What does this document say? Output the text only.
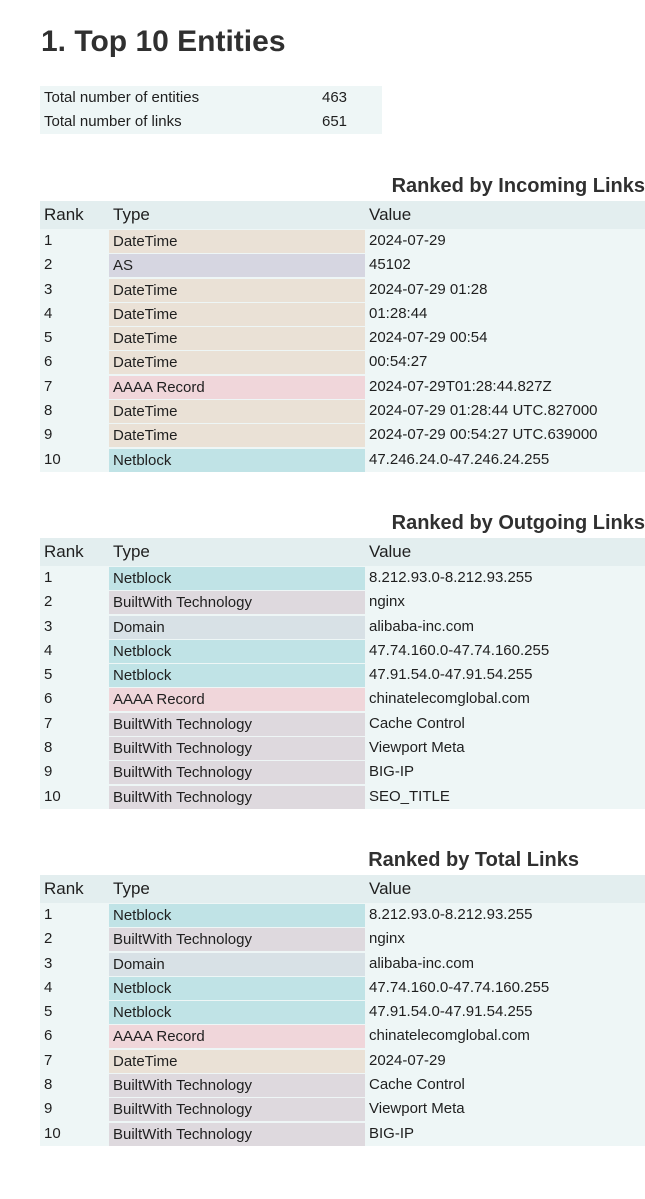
1. Top 10 Entities
Total number of entities	463
Total number of links	651
Ranked by Incoming Links
Rank	Type	Value
1	DateTime	2024-07-29
2	AS	45102
3	DateTime	2024-07-29 01:28
4	DateTime	01:28:44
5	DateTime	2024-07-29 00:54
6	DateTime	00:54:27
7	AAAA Record	2024-07-29T01:28:44.827Z
8	DateTime	2024-07-29 01:28:44 UTC.827000
9	DateTime	2024-07-29 00:54:27 UTC.639000
10	Netblock	47.246.24.0-47.246.24.255
Ranked by Outgoing Links
Rank	Type	Value
1	Netblock	8.212.93.0-8.212.93.255
2	BuiltWith Technology	nginx
3	Domain	alibaba-inc.com
4	Netblock	47.74.160.0-47.74.160.255
5	Netblock	47.91.54.0-47.91.54.255
6	AAAA Record	chinatelecomglobal.com
7	BuiltWith Technology	Cache Control
8	BuiltWith Technology	Viewport Meta
9	BuiltWith Technology	BIG-IP
10	BuiltWith Technology	SEO_TITLE
Ranked by Total Links
Rank	Type	Value
1	Netblock	8.212.93.0-8.212.93.255
2	BuiltWith Technology	nginx
3	Domain	alibaba-inc.com
4	Netblock	47.74.160.0-47.74.160.255
5	Netblock	47.91.54.0-47.91.54.255
6	AAAA Record	chinatelecomglobal.com
7	DateTime	2024-07-29
8	BuiltWith Technology	Cache Control
9	BuiltWith Technology	Viewport Meta
10	BuiltWith Technology	BIG-IP
